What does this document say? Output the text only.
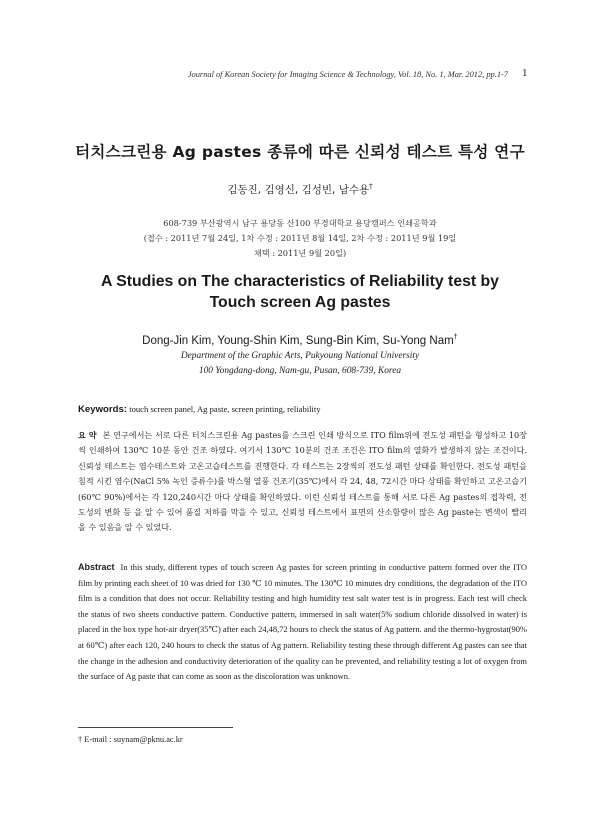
Journal of Korean Society for Imaging Science & Technology, Vol. 18, No. 1, Mar. 2012, pp.1-7 1
터치스크린용 Ag pastes 종류에 따른 신뢰성 테스트 특성 연구
김동진, 김영신, 김성빈, 남수용†
608-739 부산광역시 남구 용당동 산100 부경대학교 용당캠퍼스 인쇄공학과
(접수 : 2011년 7월 24일, 1차 수정 : 2011년 8월 14일, 2차 수정 : 2011년 9월 19일
채택 : 2011년 9월 20일)
A Studies on The characteristics of Reliability test by
Touch screen Ag pastes
Dong-Jin Kim, Young-Shin Kim, Sung-Bin Kim, Su-Yong Nam†
Department of the Graphic Arts, Pukyoung National University
100 Yongdang-dong, Nam-gu, Pusan, 608-739, Korea
Keywords: touch screen panel, Ag paste, screen printing, reliability
요 약 본 연구에서는 서로 다른 터치스크린용 Ag pastes를 스크린 인쇄 방식으로 ITO film위에 전도성 패턴을 형성하고 10장씩 인쇄하여 130℃ 10분 동안 건조 하였다. 여기서 130℃ 10분의 건조 조건은 ITO film의 열화가 발생하지 않는 조건이다. 신뢰성 테스트는 염수테스트와 고온고습테스트를 진행한다. 각 테스트는 2장씩의 전도성 패턴 상태를 확인한다. 전도성 패턴을 침적 시킨 염수(NaCl 5% 녹인 증류수)를 박스형 열풍 건조기(35℃)에서 각 24, 48, 72시간 마다 상태를 확인하고 고온고습기(60℃ 90%)에서는 각 120,240시간 마다 상태를 확인하였다. 이런 신뢰성 테스트를 통해 서로 다른 Ag pastes의 접착력, 전도성의 변화 등 을 알 수 있어 품질 저하를 막을 수 있고, 신뢰성 테스트에서 표면의 산소함량이 많은 Ag paste는 변색이 빨리 올 수 있음을 알 수 있었다.
Abstract In this study, different types of touch screen Ag pastes for screen printing in conductive pattern formed over the ITO film by printing each sheet of 10 was dried for 130 ℃ 10 minutes. The 130℃ 10 minutes dry conditions, the degradation of the ITO film is a condition that does not occur. Reliability testing and high humidity test salt water test is in progress. Each test will check the status of two sheets conductive pattern. Conductive pattern, immersed in salt water(5% sodium chloride dissolved in water) is placed in the box type hot-air dryer(35℃) after each 24,48,72 hours to check the status of Ag pattern. and the thermo-hygrostat(90% at 60℃) after each 120, 240 hours to check the status of Ag pattern. Reliability testing these through different Ag pastes can see that the change in the adhesion and conductivity deterioration of the quality can be prevented, and reliability testing a lot of oxygen from the surface of Ag paste that can come as soon as the discoloration was unknown.
† E-mail : suynam@pknu.ac.kr
